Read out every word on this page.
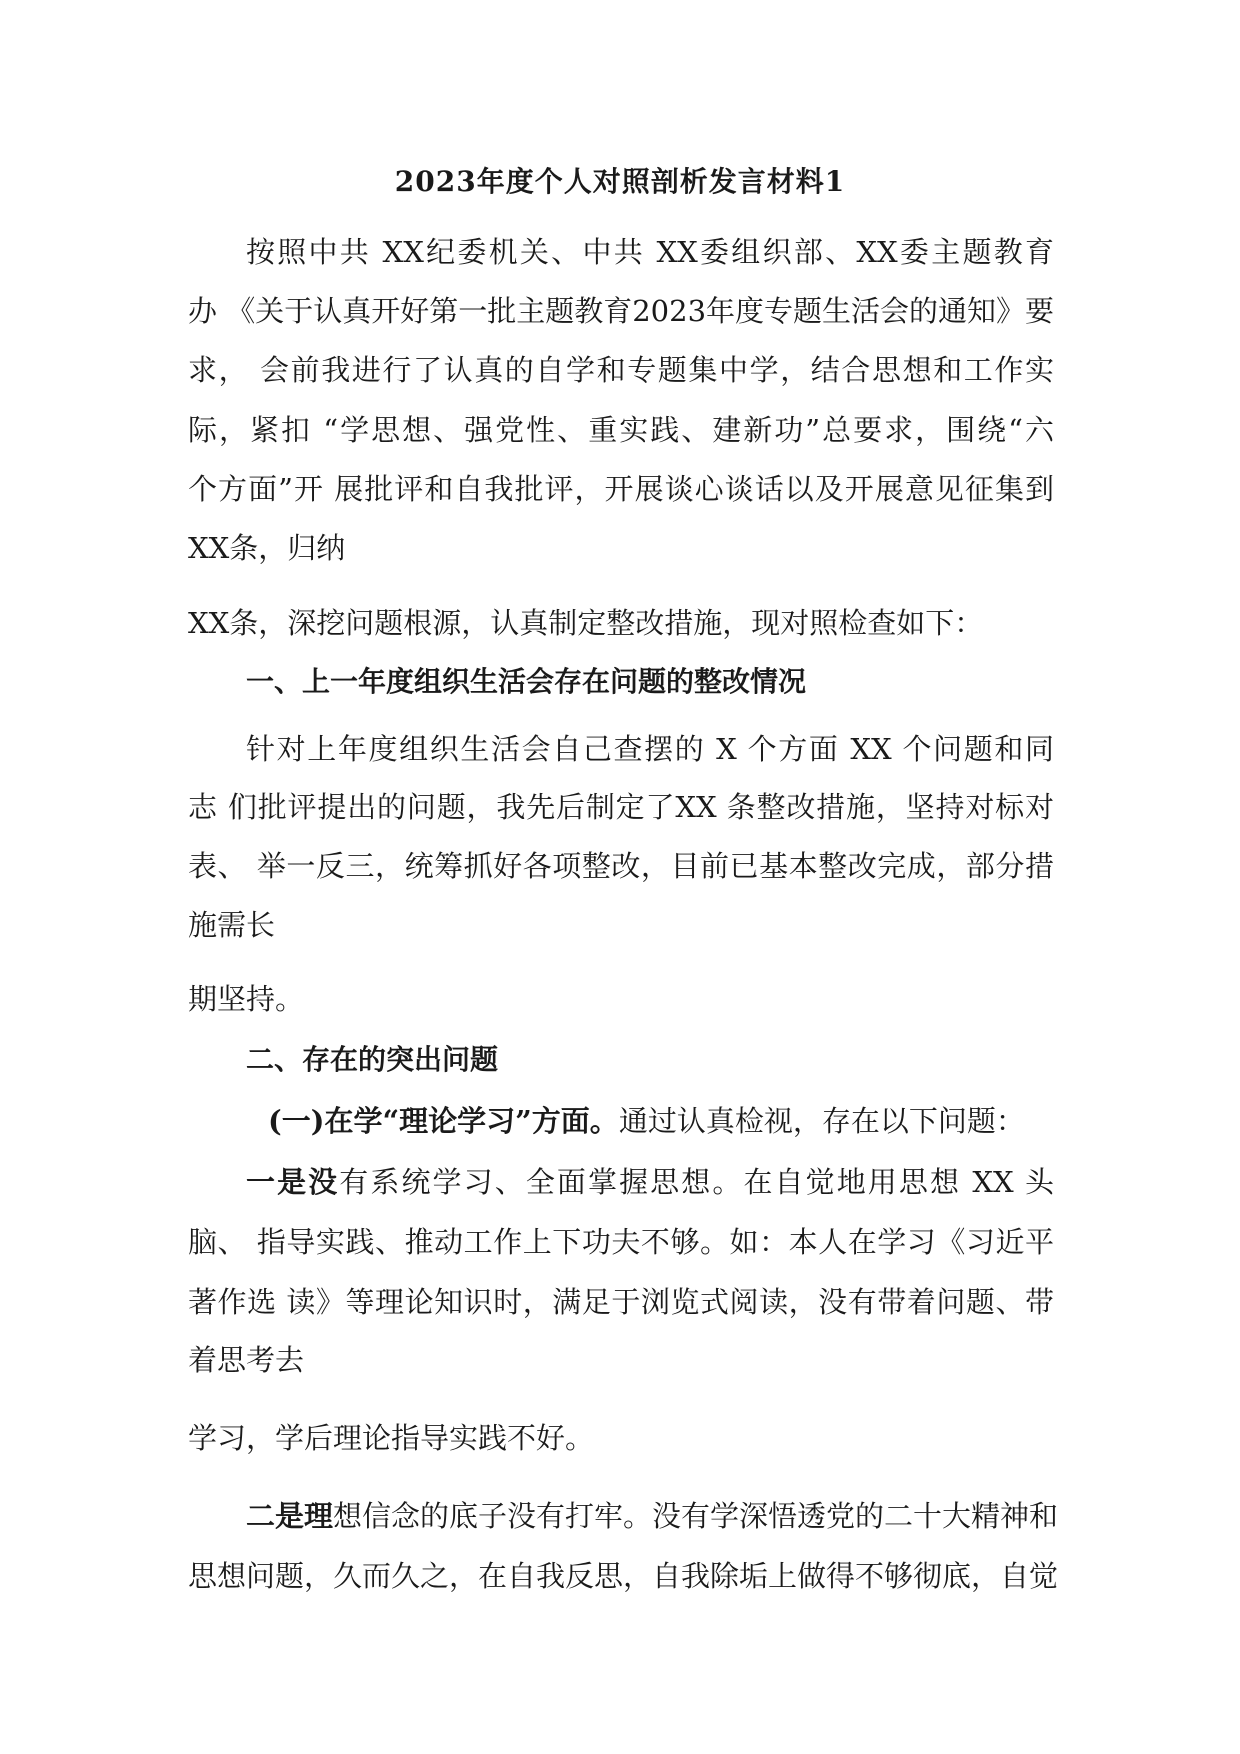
2023年度个人对照剖析发言材料1
按照中共 XX纪委机关、中共 XX委组织部、XX委主题教育
办 《关于认真开好第一批主题教育2023年度专题生活会的通知》要
求， 会前我进行了认真的自学和专题集中学，结合思想和工作实
际，紧扣 “学思想、强党性、重实践、建新功”总要求，围绕“六
个方面”开 展批评和自我批评，开展谈心谈话以及开展意见征集到
XX条，归纳
XX条，深挖问题根源，认真制定整改措施，现对照检查如下：
一、上一年度组织生活会存在问题的整改情况
针对上年度组织生活会自己查摆的 X 个方面 XX 个问题和同
志 们批评提出的问题，我先后制定了XX 条整改措施，坚持对标对
表、 举一反三，统筹抓好各项整改，目前已基本整改完成，部分措
施需长
期坚持。
二、存在的突出问题
(一)在学“理论学习”方面。通过认真检视，存在以下问题：
一是没有系统学习、全面掌握思想。在自觉地用思想 XX 头
脑、 指导实践、推动工作上下功夫不够。如：本人在学习《习近平
著作选 读》等理论知识时，满足于浏览式阅读，没有带着问题、带
着思考去
学习，学后理论指导实践不好。
二是理想信念的底子没有打牢。没有学深悟透党的二十大精神和
思想问题，久而久之，在自我反思，自我除垢上做得不够彻底，自觉
